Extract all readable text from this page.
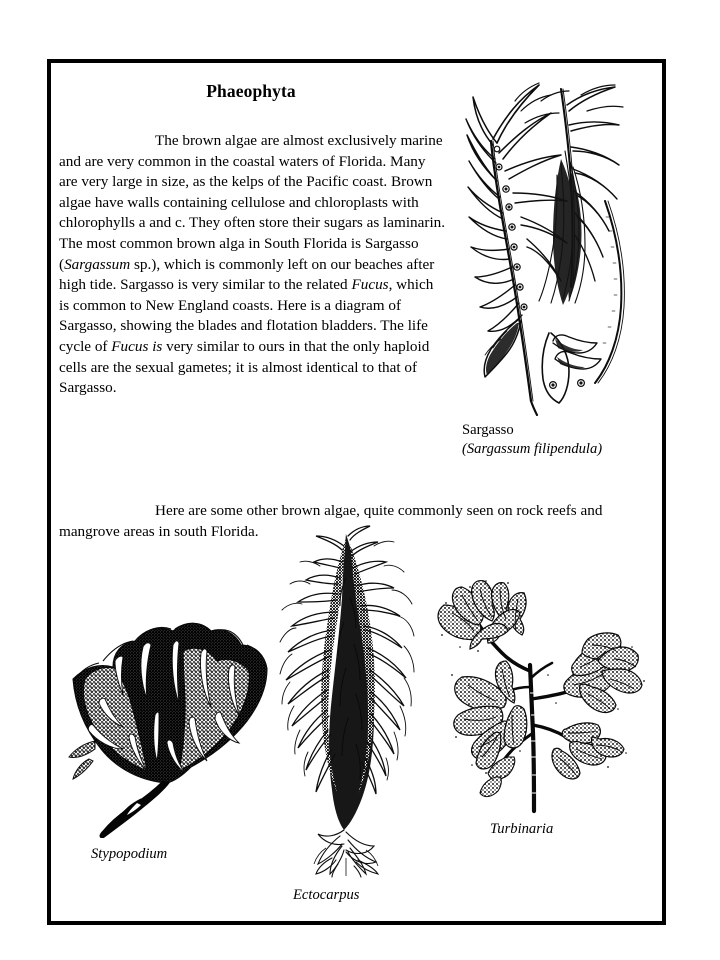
Phaeophyta
The brown algae are almost exclusively marine and are very common in the coastal waters of Florida. Many are very large in size, as the kelps of the Pacific coast. Brown algae have walls containing cellulose and chloroplasts with chlorophylls a and c. They often store their sugars as laminarin. The most common brown alga in South Florida is Sargasso (Sargassum sp.), which is commonly left on our beaches after high tide. Sargasso is very similar to the related Fucus, which is common to New England coasts. Here is a diagram of Sargasso, showing the blades and flotation bladders. The life cycle of Fucus is very similar to ours in that the only haploid cells are the sexual gametes; it is almost identical to that of Sargasso.
Sargasso
(Sargassum filipendula)
Here are some other brown algae, quite commonly seen on rock reefs and mangrove areas in south Florida.
Stypopodium
Ectocarpus
Turbinaria
